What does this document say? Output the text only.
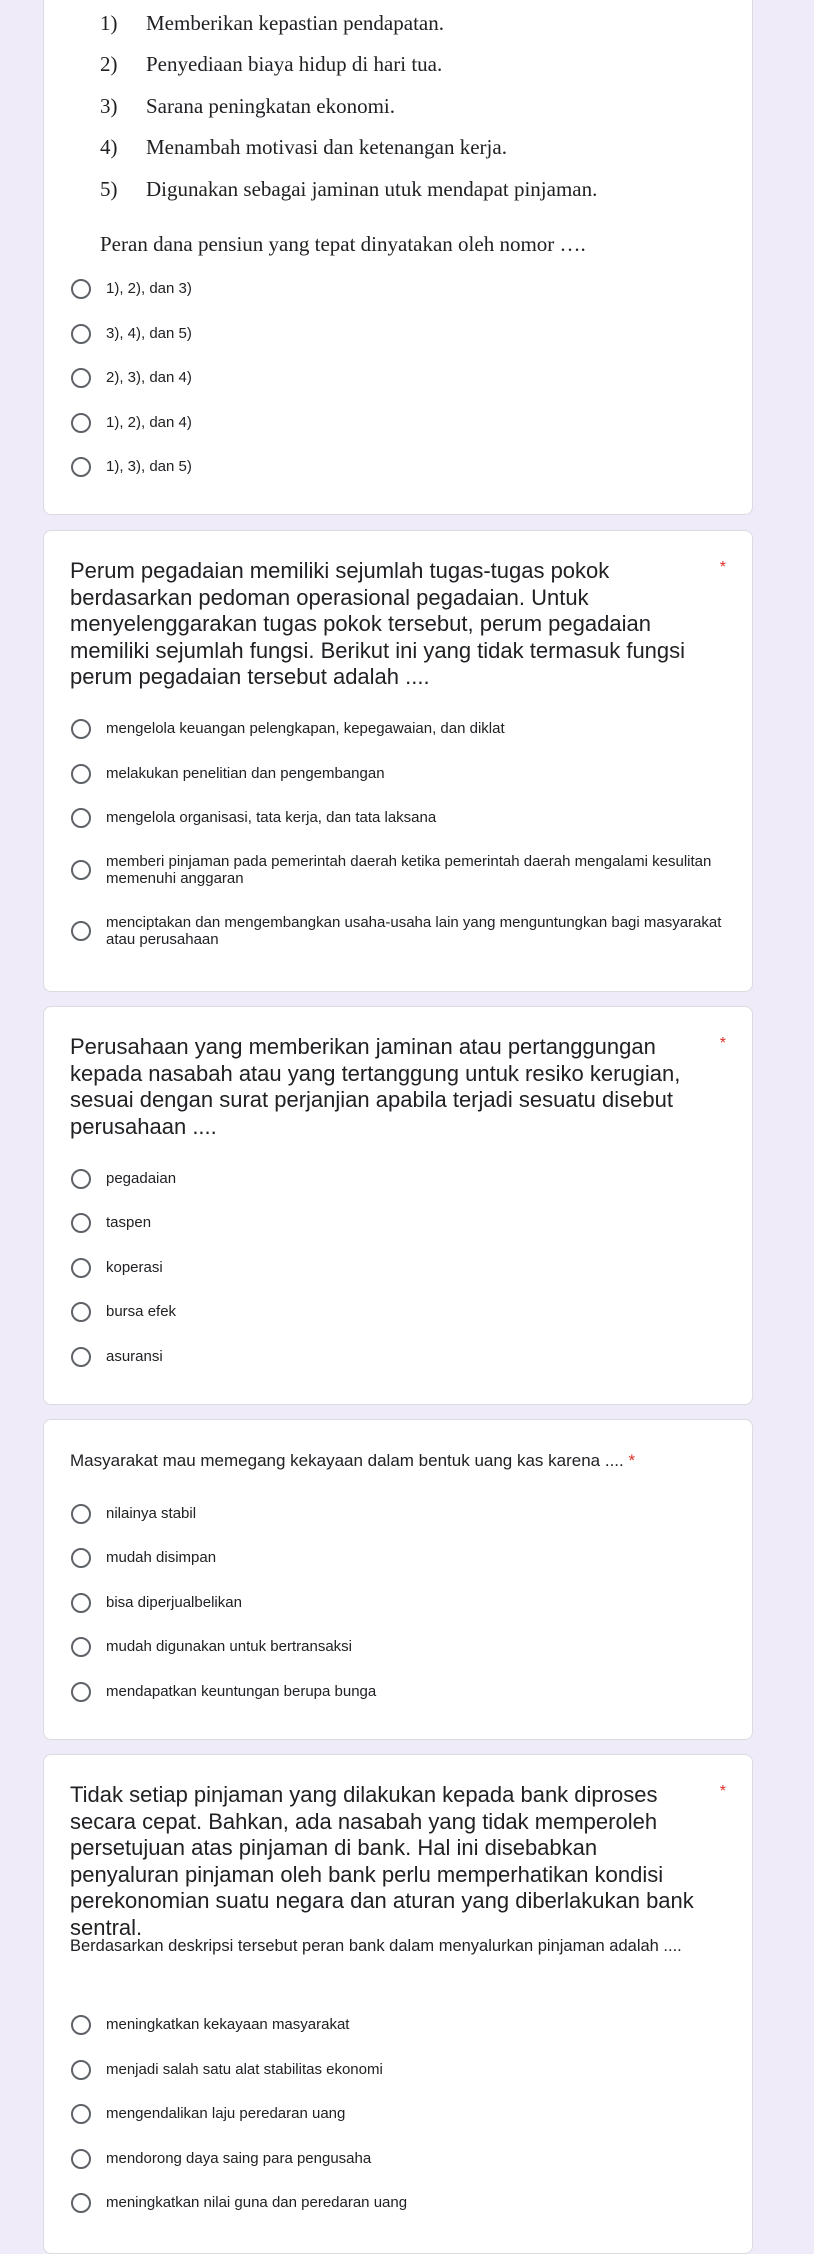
1) Memberikan kepastian pendapatan.
2) Penyediaan biaya hidup di hari tua.
3) Sarana peningkatan ekonomi.
4) Menambah motivasi dan ketenangan kerja.
5) Digunakan sebagai jaminan utuk mendapat pinjaman.
Peran dana pensiun yang tepat dinyatakan oleh nomor ….
1), 2), dan 3)
3), 4), dan 5)
2), 3), dan 4)
1), 2), dan 4)
1), 3), dan 5)
Perum pegadaian memiliki sejumlah tugas-tugas pokok berdasarkan pedoman operasional pegadaian. Untuk menyelenggarakan tugas pokok tersebut, perum pegadaian memiliki sejumlah fungsi. Berikut ini yang tidak termasuk fungsi perum pegadaian tersebut adalah ....
*
mengelola keuangan pelengkapan, kepegawaian, dan diklat
melakukan penelitian dan pengembangan
mengelola organisasi, tata kerja, dan tata laksana
memberi pinjaman pada pemerintah daerah ketika pemerintah daerah mengalami kesulitan memenuhi anggaran
menciptakan dan mengembangkan usaha-usaha lain yang menguntungkan bagi masyarakat atau perusahaan
Perusahaan yang memberikan jaminan atau pertanggungan kepada nasabah atau yang tertanggung untuk resiko kerugian, sesuai dengan surat perjanjian apabila terjadi sesuatu disebut perusahaan ....
*
pegadaian
taspen
koperasi
bursa efek
asuransi
Masyarakat mau memegang kekayaan dalam bentuk uang kas karena .... *
nilainya stabil
mudah disimpan
bisa diperjualbelikan
mudah digunakan untuk bertransaksi
mendapatkan keuntungan berupa bunga
Tidak setiap pinjaman yang dilakukan kepada bank diproses secara cepat. Bahkan, ada nasabah yang tidak memperoleh persetujuan atas pinjaman di bank. Hal ini disebabkan penyaluran pinjaman oleh bank perlu memperhatikan kondisi perekonomian suatu negara dan aturan yang diberlakukan bank sentral.
*
Berdasarkan deskripsi tersebut peran bank dalam menyalurkan pinjaman adalah ....
meningkatkan kekayaan masyarakat
menjadi salah satu alat stabilitas ekonomi
mengendalikan laju peredaran uang
mendorong daya saing para pengusaha
meningkatkan nilai guna dan peredaran uang
